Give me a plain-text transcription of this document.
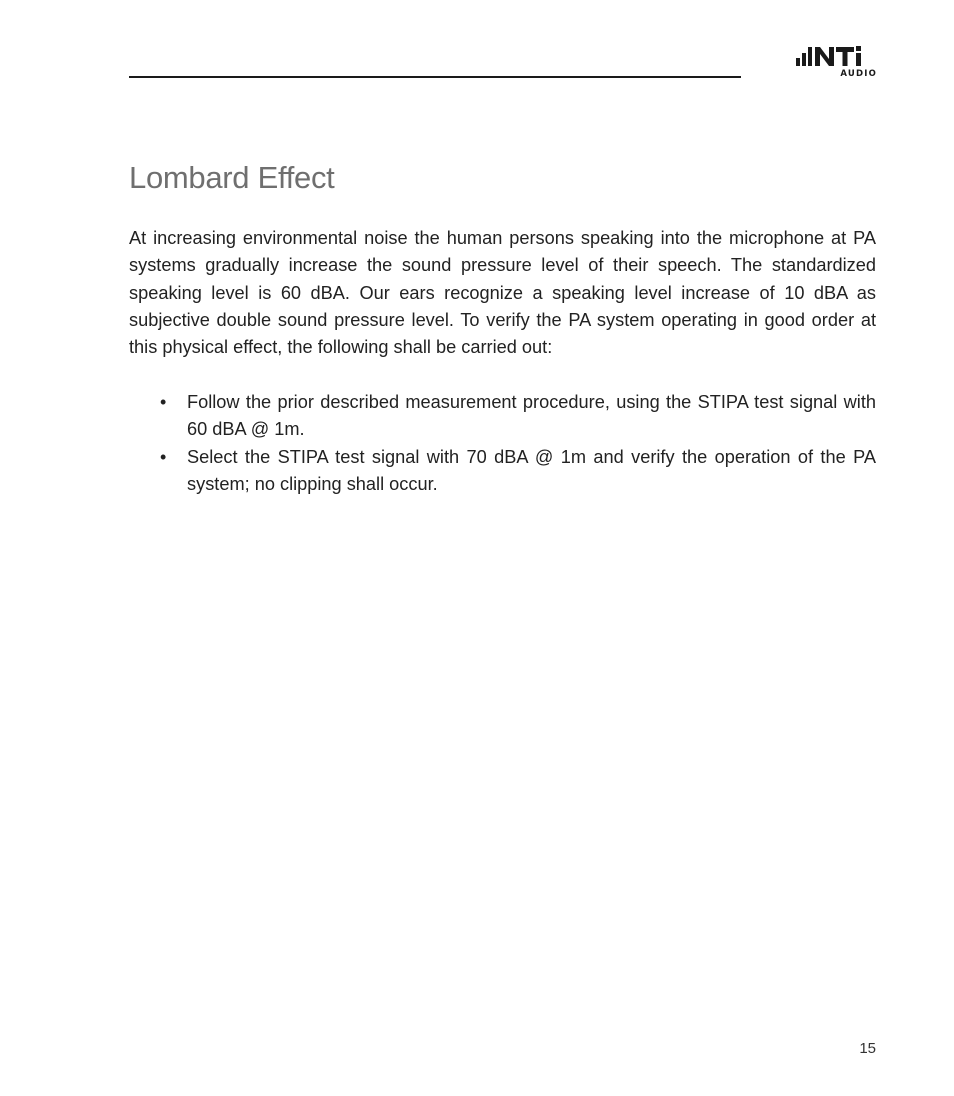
AUDIO
Lombard Effect

At increasing environmental noise the human persons speaking into the microphone at PA systems gradually increase the sound pressure level of their speech. The standardized speaking level is 60 dBA. Our ears recognize a speaking level increase of 10 dBA as subjective double sound pressure level. To verify the PA system operating in good order at this physical effect, the following shall be carried out:

• Follow the prior described measurement procedure, using the STIPA test signal with 60 dBA @ 1m.
• Select the STIPA test signal with 70 dBA @ 1m and verify the operation of the PA system; no clipping shall occur.
15
